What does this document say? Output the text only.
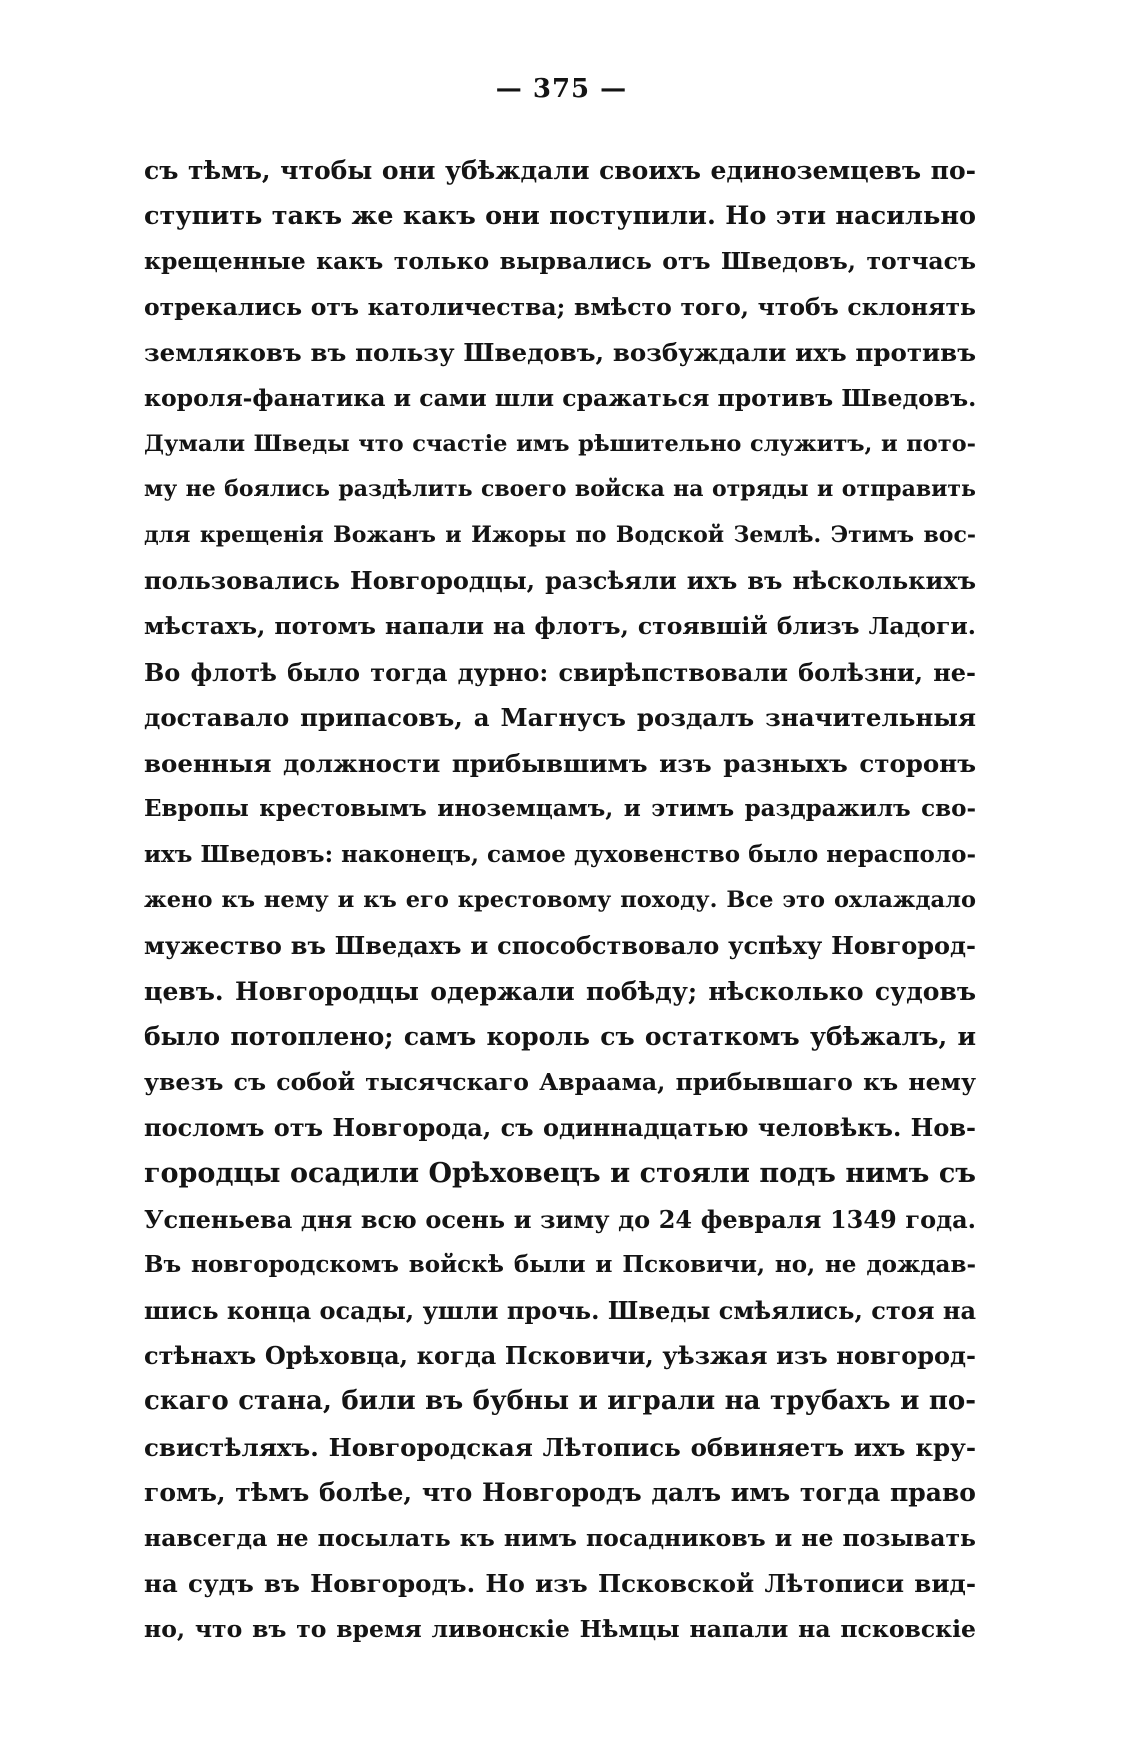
— 375 —
съ тѣмъ, чтобы они убѣждали своихъ единоземцевъ по-
ступить такъ же какъ они поступили. Но эти насильно
крещенные какъ только вырвались отъ Шведовъ, тотчасъ
отрекались отъ католичества; вмѣсто того, чтобъ склонять
земляковъ въ пользу Шведовъ, возбуждали ихъ противъ
короля-фанатика и сами шли сражаться противъ Шведовъ.
Думали Шведы что счастіе имъ рѣшительно служитъ, и пото-
му не боялись раздѣлить своего войска на отряды и отправить
для крещенія Вожанъ и Ижоры по Водской Землѣ. Этимъ вос-
пользовались Новгородцы, разсѣяли ихъ въ нѣсколькихъ
мѣстахъ, потомъ напали на флотъ, стоявшій близъ Ладоги.
Во флотѣ было тогда дурно: свирѣпствовали болѣзни, не-
доставало припасовъ, а Магнусъ роздалъ значительныя
военныя должности прибывшимъ изъ разныхъ сторонъ
Европы крестовымъ иноземцамъ, и этимъ раздражилъ сво-
ихъ Шведовъ: наконецъ, самое духовенство было нерасполо-
жено къ нему и къ его крестовому походу. Все это охлаждало
мужество въ Шведахъ и способствовало успѣху Новгород-
цевъ. Новгородцы одержали побѣду; нѣсколько судовъ
было потоплено; самъ король съ остаткомъ убѣжалъ, и
увезъ съ собой тысячскаго Авраама, прибывшаго къ нему
посломъ отъ Новгорода, съ одиннадцатью человѣкъ. Нов-
городцы осадили Орѣховецъ и стояли подъ нимъ съ
Успеньева дня всю осень и зиму до 24 февраля 1349 года.
Въ новгородскомъ войскѣ были и Псковичи, но, не дождав-
шись конца осады, ушли прочь. Шведы смѣялись, стоя на
стѣнахъ Орѣховца, когда Псковичи, уѣзжая изъ новгород-
скаго стана, били въ бубны и играли на трубахъ и по-
свистѣляхъ. Новгородская Лѣтопись обвиняетъ ихъ кру-
гомъ, тѣмъ болѣе, что Новгородъ далъ имъ тогда право
навсегда не посылать къ нимъ посадниковъ и не позывать
на судъ въ Новгородъ. Но изъ Псковской Лѣтописи вид-
но, что въ то время ливонскіе Нѣмцы напали на псковскіе
